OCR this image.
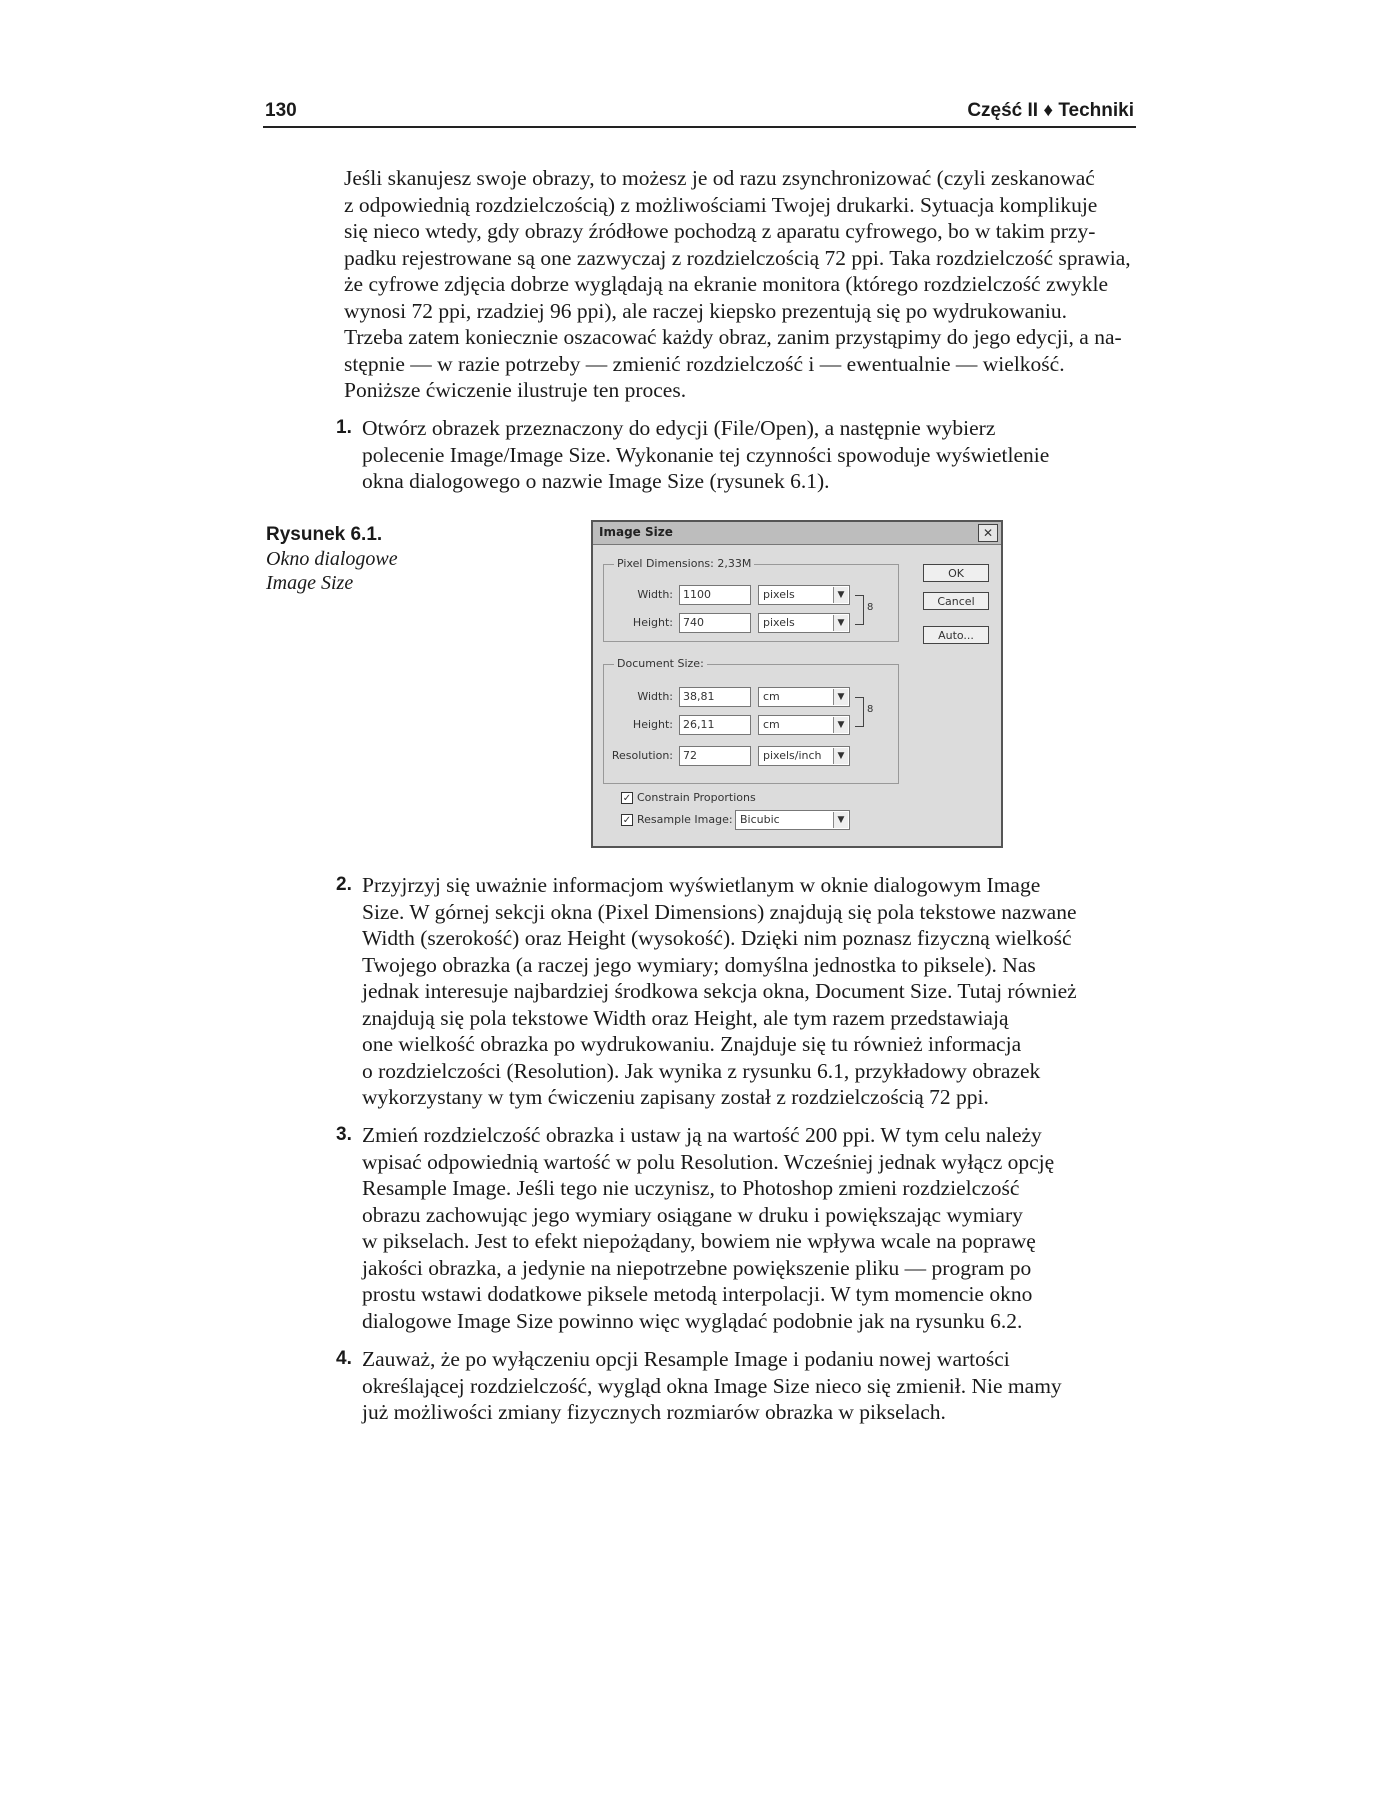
130	Część II ♦ Techniki
Jeśli skanujesz swoje obrazy, to możesz je od razu zsynchronizować (czyli zeskanować
z odpowiednią rozdzielczością) z możliwościami Twojej drukarki. Sytuacja komplikuje
się nieco wtedy, gdy obrazy źródłowe pochodzą z aparatu cyfrowego, bo w takim przy-
padku rejestrowane są one zazwyczaj z rozdzielczością 72 ppi. Taka rozdzielczość sprawia,
że cyfrowe zdjęcia dobrze wyglądają na ekranie monitora (którego rozdzielczość zwykle
wynosi 72 ppi, rzadziej 96 ppi), ale raczej kiepsko prezentują się po wydrukowaniu.
Trzeba zatem koniecznie oszacować każdy obraz, zanim przystąpimy do jego edycji, a na-
stępnie — w razie potrzeby — zmienić rozdzielczość i — ewentualnie — wielkość.
Poniższe ćwiczenie ilustruje ten proces.
1. Otwórz obrazek przeznaczony do edycji (File/Open), a następnie wybierz
polecenie Image/Image Size. Wykonanie tej czynności spowoduje wyświetlenie
okna dialogowego o nazwie Image Size (rysunek 6.1).
Rysunek 6.1.
Okno dialogowe
Image Size
Image Size	✕
Pixel Dimensions: 2,33M
Width: 1100	pixels	▼
Height: 740	pixels	▼
8
OK
Cancel
Auto...
Document Size:
Width: 38,81	cm	▼
Height: 26,11	cm	▼
8
Resolution: 72	pixels/inch	▼
✓ Constrain Proportions
✓ Resample Image: Bicubic	▼
2. Przyjrzyj się uważnie informacjom wyświetlanym w oknie dialogowym Image
Size. W górnej sekcji okna (Pixel Dimensions) znajdują się pola tekstowe nazwane
Width (szerokość) oraz Height (wysokość). Dzięki nim poznasz fizyczną wielkość
Twojego obrazka (a raczej jego wymiary; domyślna jednostka to piksele). Nas
jednak interesuje najbardziej środkowa sekcja okna, Document Size. Tutaj również
znajdują się pola tekstowe Width oraz Height, ale tym razem przedstawiają
one wielkość obrazka po wydrukowaniu. Znajduje się tu również informacja
o rozdzielczości (Resolution). Jak wynika z rysunku 6.1, przykładowy obrazek
wykorzystany w tym ćwiczeniu zapisany został z rozdzielczością 72 ppi.
3. Zmień rozdzielczość obrazka i ustaw ją na wartość 200 ppi. W tym celu należy
wpisać odpowiednią wartość w polu Resolution. Wcześniej jednak wyłącz opcję
Resample Image. Jeśli tego nie uczynisz, to Photoshop zmieni rozdzielczość
obrazu zachowując jego wymiary osiągane w druku i powiększając wymiary
w pikselach. Jest to efekt niepożądany, bowiem nie wpływa wcale na poprawę
jakości obrazka, a jedynie na niepotrzebne powiększenie pliku — program po
prostu wstawi dodatkowe piksele metodą interpolacji. W tym momencie okno
dialogowe Image Size powinno więc wyglądać podobnie jak na rysunku 6.2.
4. Zauważ, że po wyłączeniu opcji Resample Image i podaniu nowej wartości
określającej rozdzielczość, wygląd okna Image Size nieco się zmienił. Nie mamy
już możliwości zmiany fizycznych rozmiarów obrazka w pikselach.
